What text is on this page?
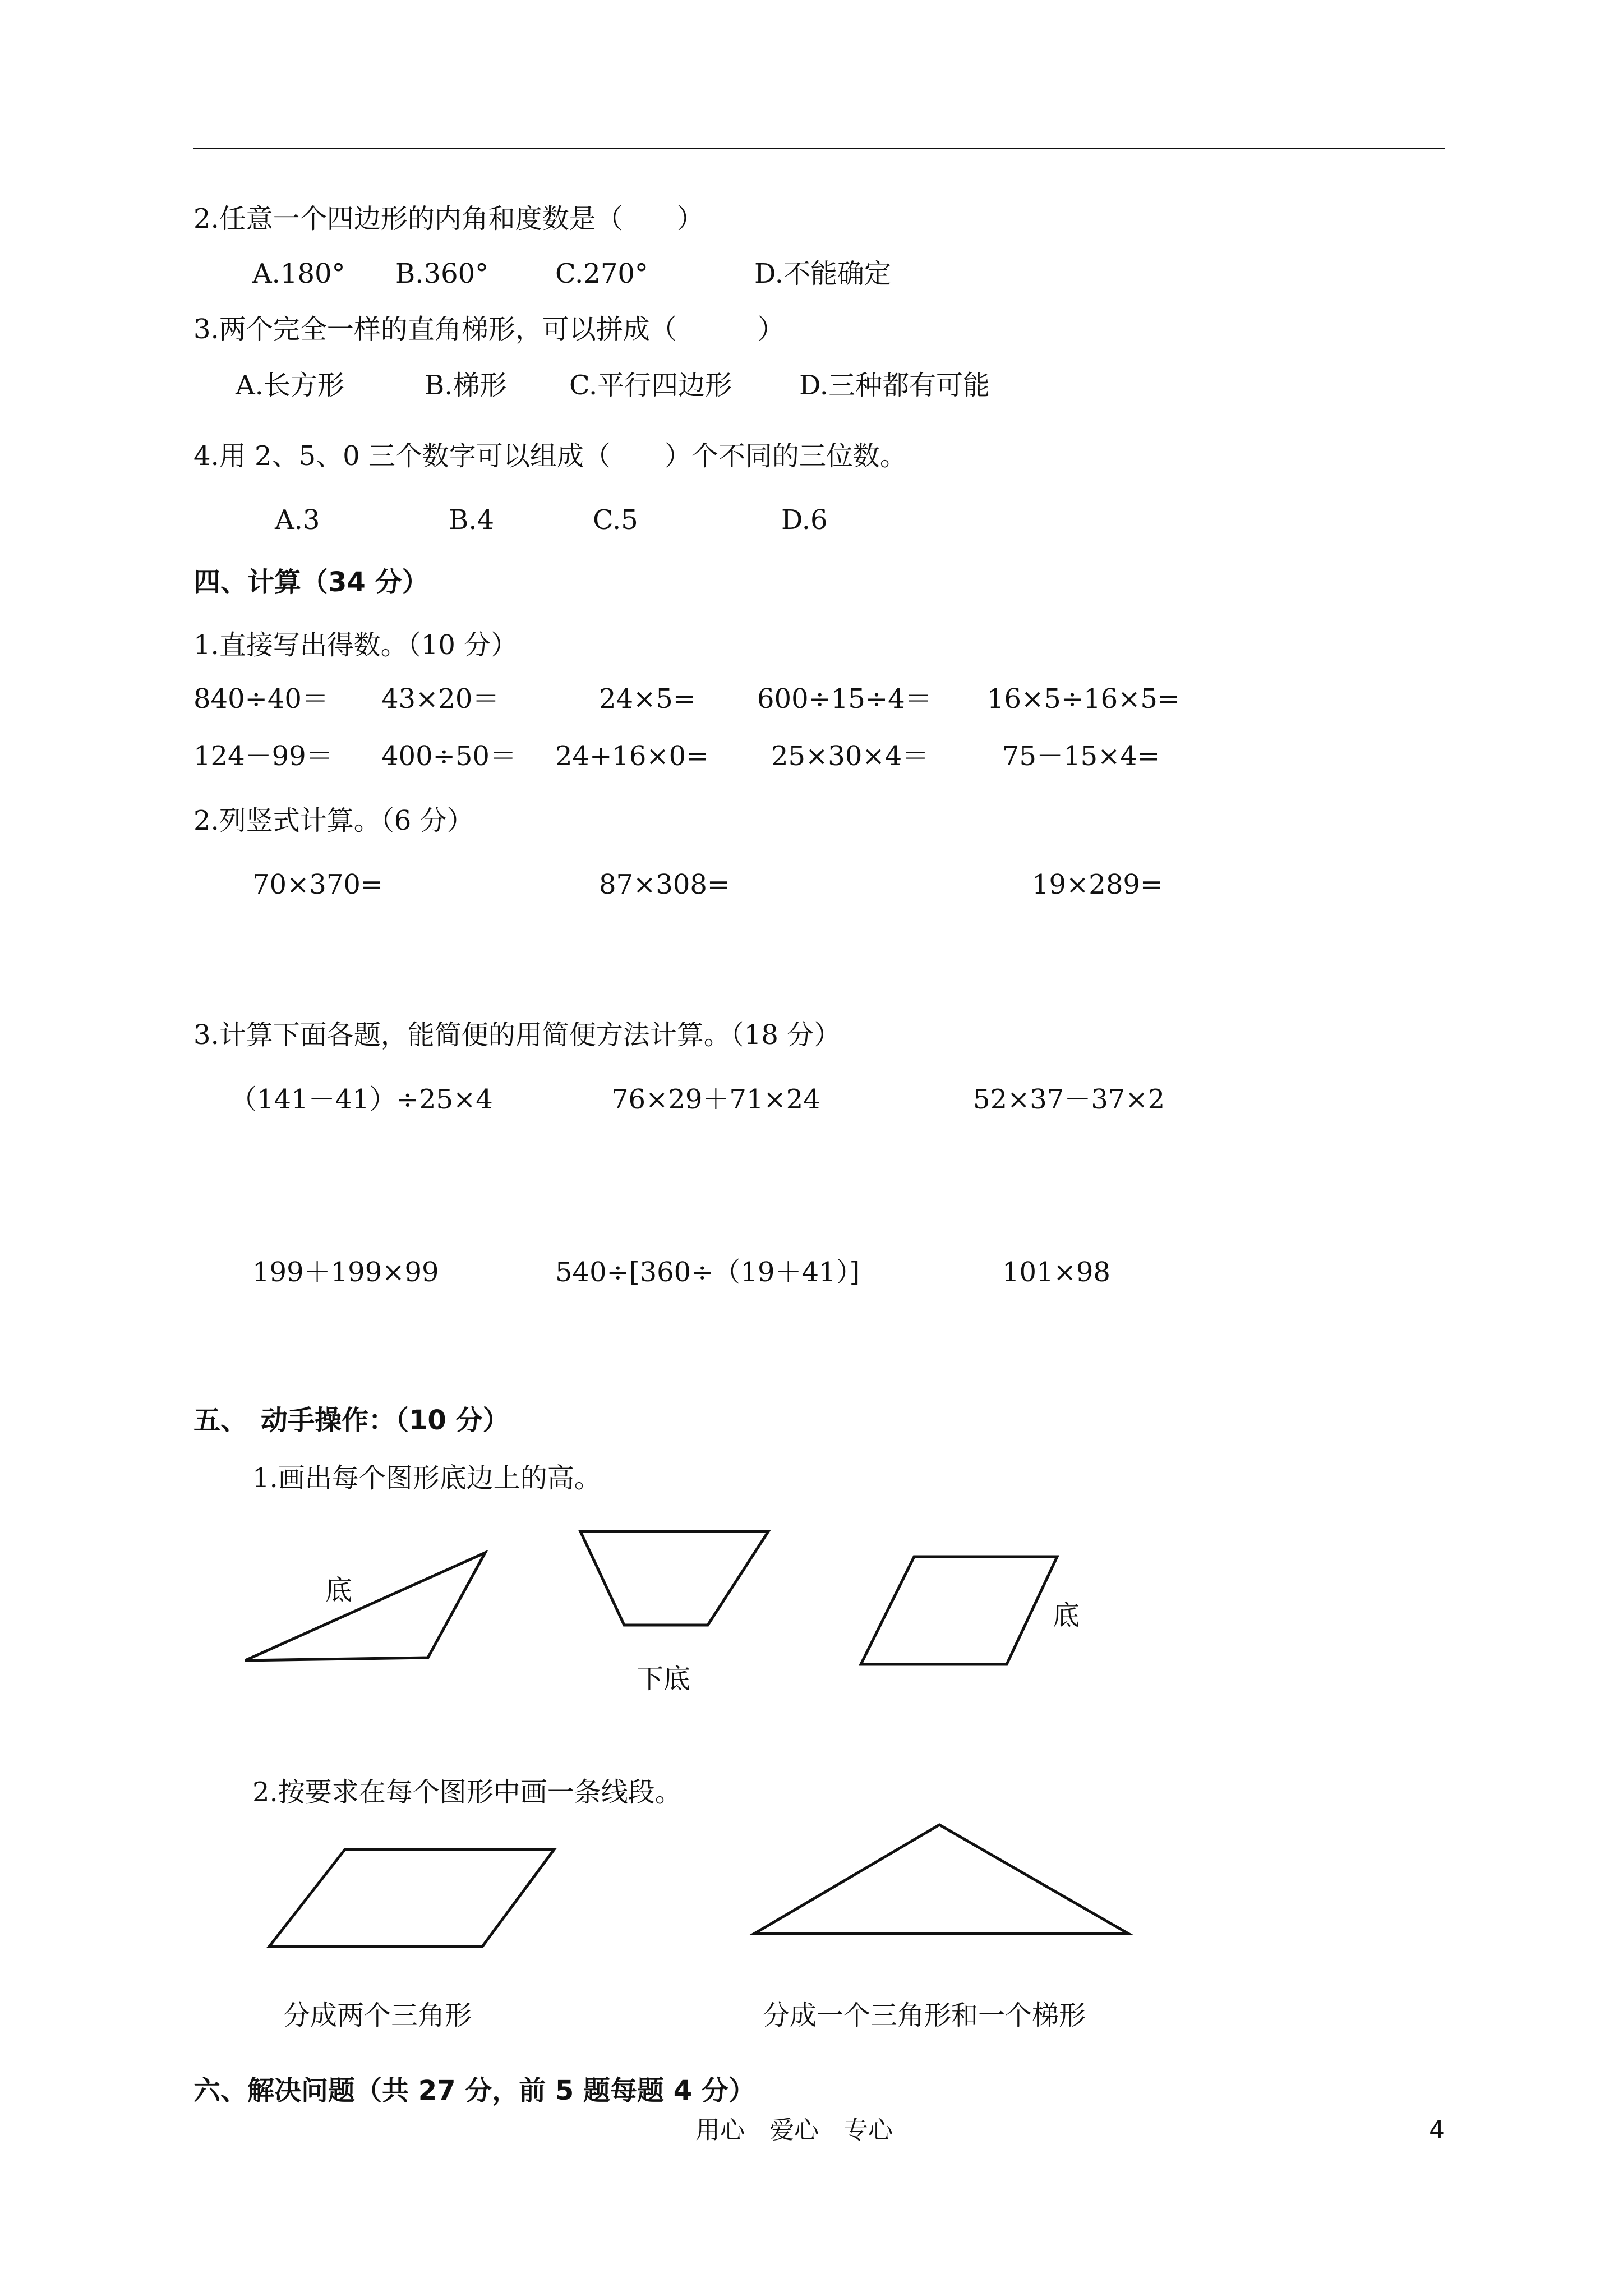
2.任意一个四边形的内角和度数是（　　）
A.180° B.360° C.270°	D.不能确定
3.两个完全一样的直角梯形，可以拼成（　　　）
A.长方形	B.梯形 C.平行四边形 D.三种都有可能
4.用 2、5、0 三个数字可以组成（　　）个不同的三位数。
A.3	B.4	C.5	D.6
四、计算（34 分）
1.直接写出得数。（10 分）
840÷40＝ 43×20＝	24×5= 600÷15÷4＝ 16×5÷16×5=
124－99＝ 400÷50＝ 24+16×0= 25×30×4＝	75－15×4=
2.列竖式计算。（6 分）
70×370=	87×308=	19×289=
3.计算下面各题，能简便的用简便方法计算。（18 分）
（141－41）÷25×4	76×29＋71×24	52×37－37×2
199＋199×99	540÷[360÷（19＋41）]	101×98
五、　动手操作：（10 分）
1.画出每个图形底边上的高。
底
下底
底
2.按要求在每个图形中画一条线段。
分成两个三角形	分成一个三角形和一个梯形
六、解决问题（共 27 分，前 5 题每题 4 分）
用心　爱心　专心	4
